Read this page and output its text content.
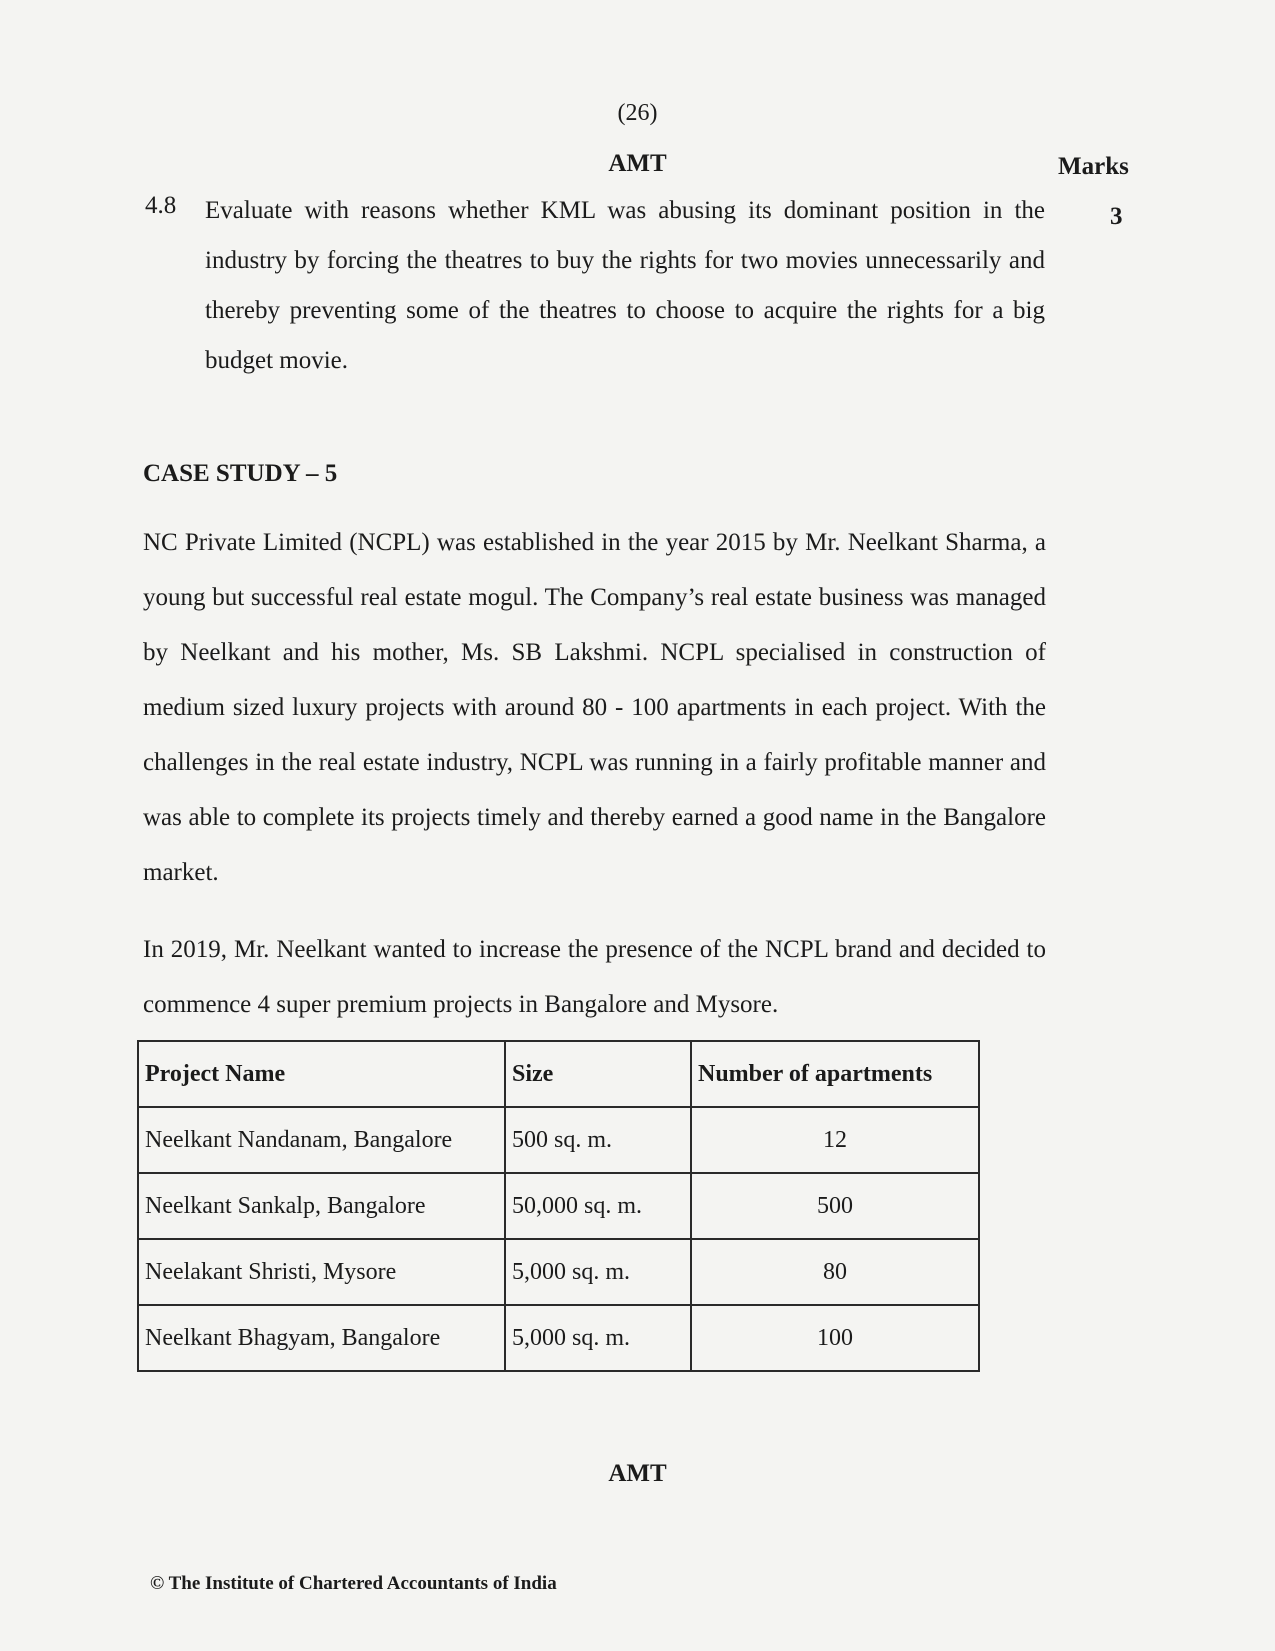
(26)
AMT	Marks
4.8 Evaluate with reasons whether KML was abusing its dominant position in the industry by forcing the theatres to buy the rights for two movies unnecessarily and thereby preventing some of the theatres to choose to acquire the rights for a big budget movie.
3
CASE STUDY – 5
NC Private Limited (NCPL) was established in the year 2015 by Mr. Neelkant Sharma, a young but successful real estate mogul. The Company’s real estate business was managed by Neelkant and his mother, Ms. SB Lakshmi. NCPL specialised in construction of medium sized luxury projects with around 80 - 100 apartments in each project. With the challenges in the real estate industry, NCPL was running in a fairly profitable manner and was able to complete its projects timely and thereby earned a good name in the Bangalore market.
In 2019, Mr. Neelkant wanted to increase the presence of the NCPL brand and decided to commence 4 super premium projects in Bangalore and Mysore.
Project Name	Size	Number of apartments
Neelkant Nandanam, Bangalore	500 sq. m.	12
Neelkant Sankalp, Bangalore	50,000 sq. m.	500
Neelakant Shristi, Mysore	5,000 sq. m.	80
Neelkant Bhagyam, Bangalore	5,000 sq. m.	100
AMT
© The Institute of Chartered Accountants of India
